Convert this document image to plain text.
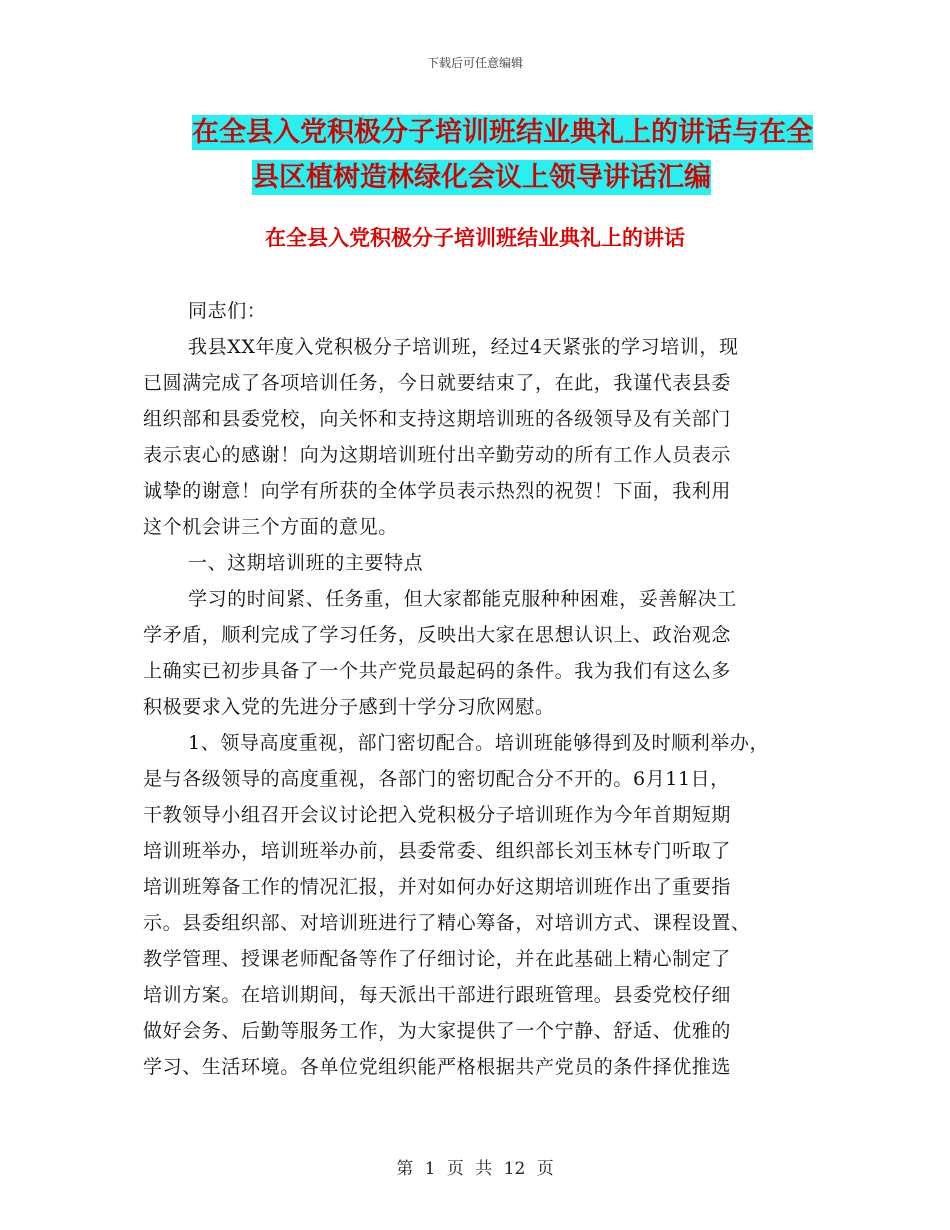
下载后可任意编辑
在全县入党积极分子培训班结业典礼上的讲话与在全
县区植树造林绿化会议上领导讲话汇编
在全县入党积极分子培训班结业典礼上的讲话
同志们：
我县XX年度入党积极分子培训班，经过4天紧张的学习培训，现
已圆满完成了各项培训任务，今日就要结束了，在此，我谨代表县委
组织部和县委党校，向关怀和支持这期培训班的各级领导及有关部门
表示衷心的感谢！向为这期培训班付出辛勤劳动的所有工作人员表示
诚挚的谢意！向学有所获的全体学员表示热烈的祝贺！下面，我利用
这个机会讲三个方面的意见。
一、这期培训班的主要特点
学习的时间紧、任务重，但大家都能克服种种困难，妥善解决工
学矛盾，顺利完成了学习任务，反映出大家在思想认识上、政治观念
上确实已初步具备了一个共产党员最起码的条件。我为我们有这么多
积极要求入党的先进分子感到十学分习欣网慰。
1、领导高度重视，部门密切配合。培训班能够得到及时顺利举办，
是与各级领导的高度重视，各部门的密切配合分不开的。6月11日，
干教领导小组召开会议讨论把入党积极分子培训班作为今年首期短期
培训班举办，培训班举办前，县委常委、组织部长刘玉林专门听取了
培训班筹备工作的情况汇报，并对如何办好这期培训班作出了重要指
示。县委组织部、对培训班进行了精心筹备，对培训方式、课程设置、
教学管理、授课老师配备等作了仔细讨论，并在此基础上精心制定了
培训方案。在培训期间，每天派出干部进行跟班管理。县委党校仔细
做好会务、后勤等服务工作，为大家提供了一个宁静、舒适、优雅的
学习、生活环境。各单位党组织能严格根据共产党员的条件择优推选
第 1 页 共 12 页
